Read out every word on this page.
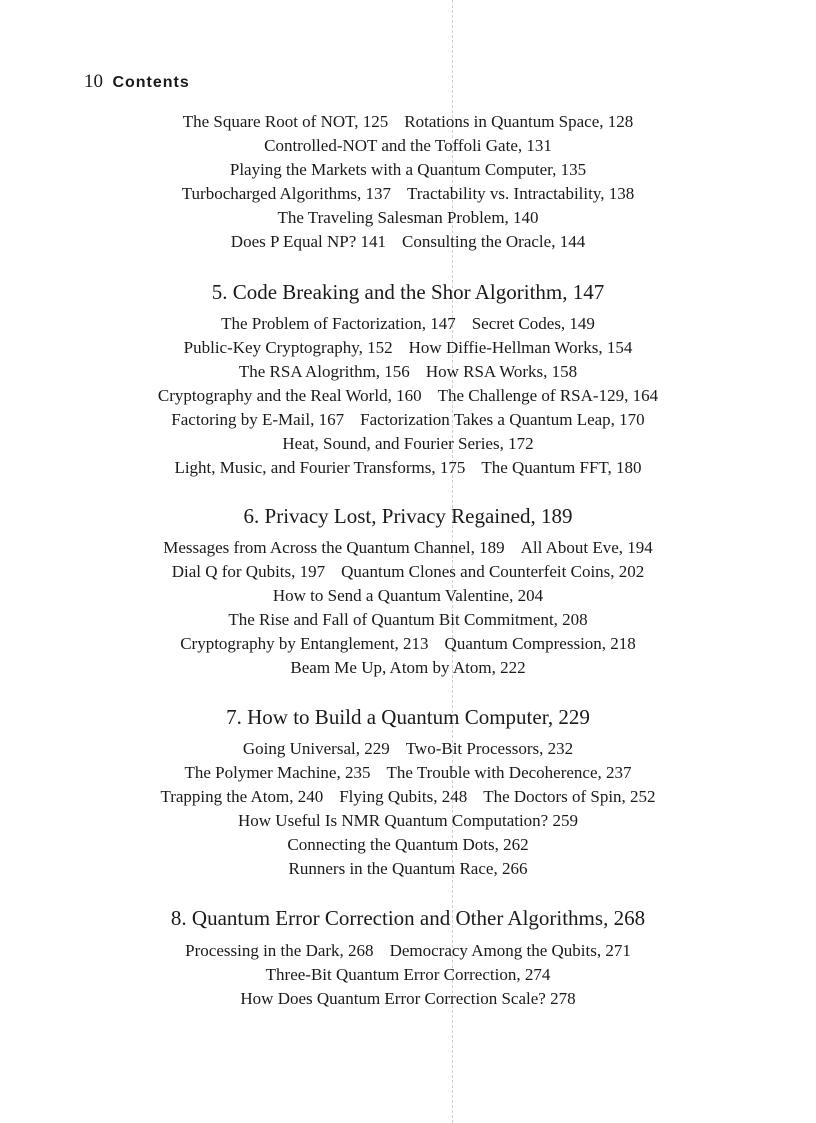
10 Contents
The Square Root of NOT, 125 Rotations in Quantum Space, 128
Controlled-NOT and the Toffoli Gate, 131
Playing the Markets with a Quantum Computer, 135
Turbocharged Algorithms, 137 Tractability vs. Intractability, 138
The Traveling Salesman Problem, 140
Does P Equal NP? 141 Consulting the Oracle, 144
5. Code Breaking and the Shor Algorithm, 147
The Problem of Factorization, 147 Secret Codes, 149
Public-Key Cryptography, 152 How Diffie-Hellman Works, 154
The RSA Alogrithm, 156 How RSA Works, 158
Cryptography and the Real World, 160 The Challenge of RSA-129, 164
Factoring by E-Mail, 167 Factorization Takes a Quantum Leap, 170
Heat, Sound, and Fourier Series, 172
Light, Music, and Fourier Transforms, 175 The Quantum FFT, 180
6. Privacy Lost, Privacy Regained, 189
Messages from Across the Quantum Channel, 189 All About Eve, 194
Dial Q for Qubits, 197 Quantum Clones and Counterfeit Coins, 202
How to Send a Quantum Valentine, 204
The Rise and Fall of Quantum Bit Commitment, 208
Cryptography by Entanglement, 213 Quantum Compression, 218
Beam Me Up, Atom by Atom, 222
7. How to Build a Quantum Computer, 229
Going Universal, 229 Two-Bit Processors, 232
The Polymer Machine, 235 The Trouble with Decoherence, 237
Trapping the Atom, 240 Flying Qubits, 248 The Doctors of Spin, 252
How Useful Is NMR Quantum Computation? 259
Connecting the Quantum Dots, 262
Runners in the Quantum Race, 266
8. Quantum Error Correction and Other Algorithms, 268
Processing in the Dark, 268 Democracy Among the Qubits, 271
Three-Bit Quantum Error Correction, 274
How Does Quantum Error Correction Scale? 278
